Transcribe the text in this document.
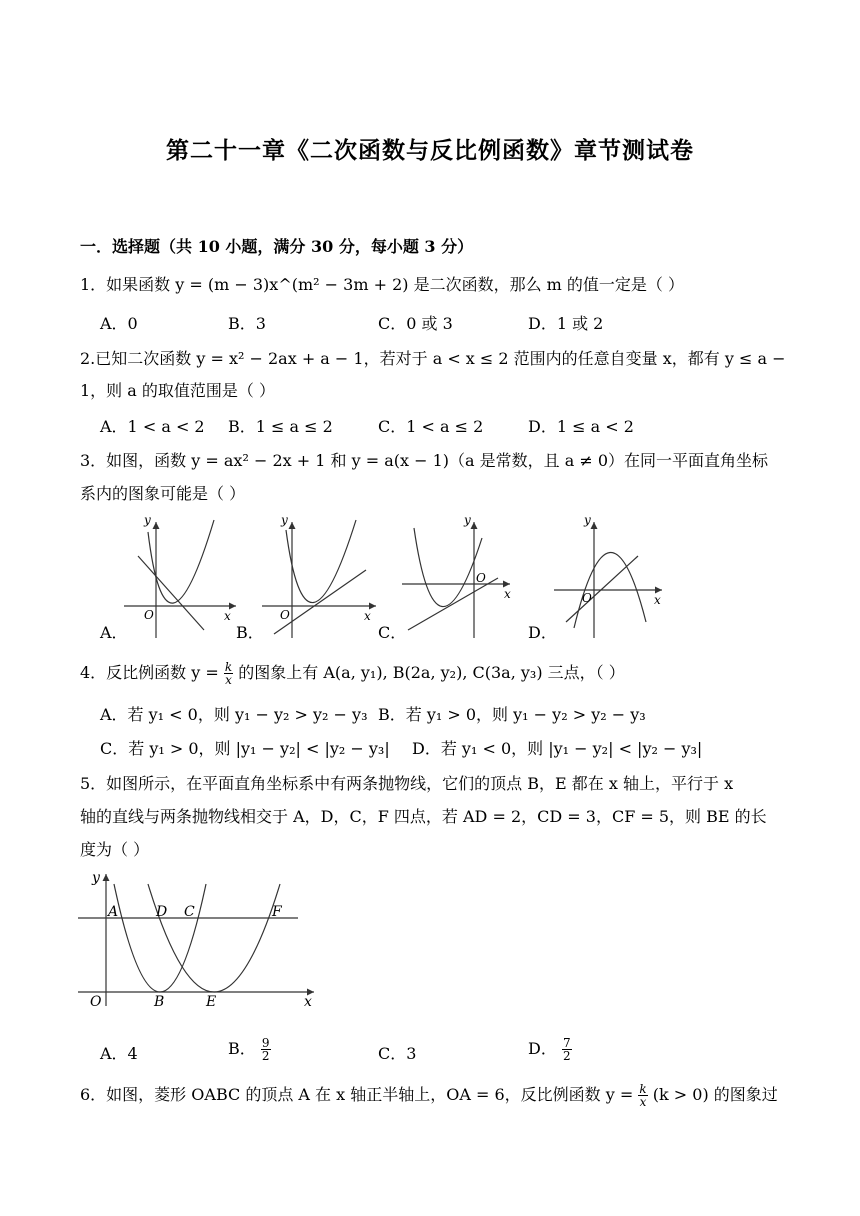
第二十一章《二次函数与反比例函数》章节测试卷
一．选择题（共 10 小题，满分 30 分，每小题 3 分）
1．如果函数 y = (m − 3)x^(m² − 3m + 2) 是二次函数，那么 m 的值一定是（ ）
A．0	B．3	C．0 或 3	D．1 或 2
2.已知二次函数 y = x² − 2ax + a − 1，若对于 a < x ≤ 2 范围内的任意自变量 x，都有 y ≤ a −
1，则 a 的取值范围是（ ）
A．1 < a < 2 B．1 ≤ a ≤ 2	C．1 < a ≤ 2	D．1 ≤ a < 2
3．如图，函数 y = ax² − 2x + 1 和 y = a(x − 1)（a 是常数，且 a ≠ 0）在同一平面直角坐标
系内的图象可能是（ ）
y
x
O
y
x
O
y
x
O
y
x
O
A．	B．	C．	D．
4．反比例函数 $y = \frac{k}{x}$ 的图象上有 A(a, y₁), B(2a, y₂), C(3a, y₃) 三点，（ ）
A．若 y₁ < 0，则 y₁ − y₂ > y₂ − y₃ B．若 y₁ > 0，则 y₁ − y₂ > y₂ − y₃
C．若 y₁ > 0，则 |y₁ − y₂| < |y₂ − y₃| D．若 y₁ < 0，则 |y₁ − y₂| < |y₂ − y₃|
5．如图所示，在平面直角坐标系中有两条抛物线，它们的顶点 B，E 都在 x 轴上，平行于 x
轴的直线与两条抛物线相交于 A，D，C，F 四点，若 AD = 2，CD = 3，CF = 5，则 BE 的长
度为（ ）
y
x
O
A	D C	F
B	E
A．4	B． $\frac{9}{2}$	C．3	D． $\frac{7}{2}$
6．如图，菱形 OABC 的顶点 A 在 x 轴正半轴上，OA = 6，反比例函数 $y = \frac{k}{x} (k > 0)$ 的图象过
